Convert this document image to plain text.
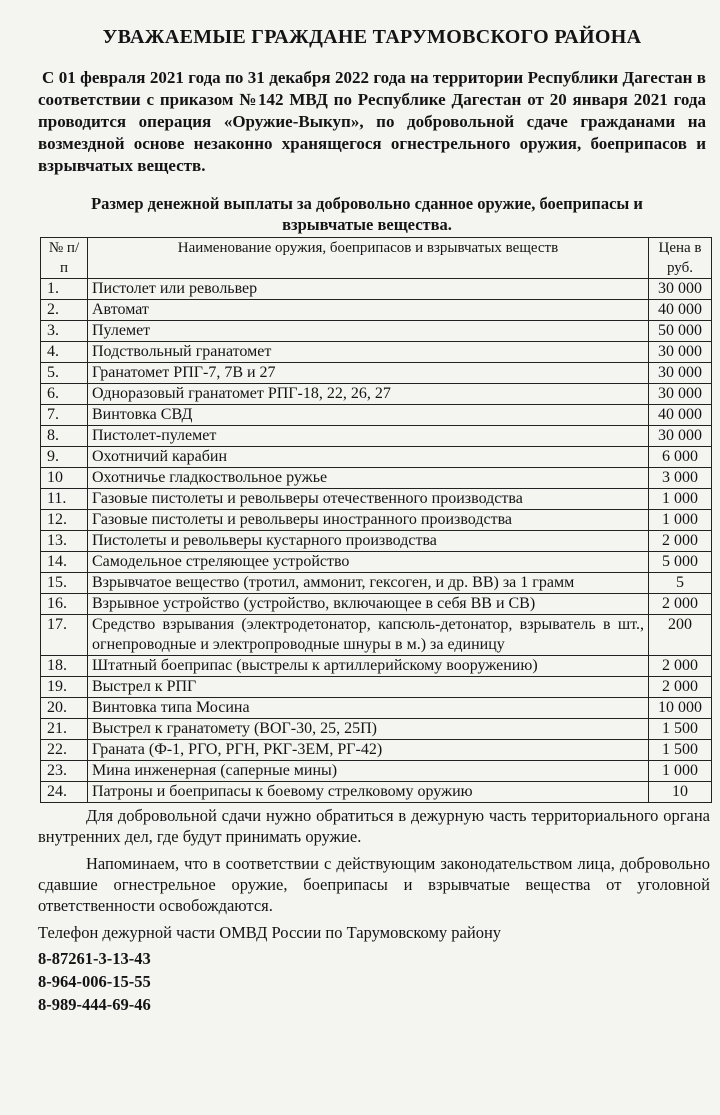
УВАЖАЕМЫЕ ГРАЖДАНЕ ТАРУМОВСКОГО РАЙОНА
С 01 февраля 2021 года по 31 декабря 2022 года на территории Республики Дагестан в соответствии с приказом №142 МВД по Республике Дагестан от 20 января 2021 года проводится операция «Оружие-Выкуп», по добровольной сдаче гражданами на возмездной основе незаконно хранящегося огнестрельного оружия, боеприпасов и взрывчатых веществ.
Размер денежной выплаты за добровольно сданное оружие, боеприпасы и взрывчатые вещества.
№ п/п	Наименование оружия, боеприпасов и взрывчатых веществ	Цена в руб.
1.	Пистолет или револьвер	30 000
2.	Автомат	40 000
3.	Пулемет	50 000
4.	Подствольный гранатомет	30 000
5.	Гранатомет РПГ-7, 7В и 27	30 000
6.	Одноразовый гранатомет РПГ-18, 22, 26, 27	30 000
7.	Винтовка СВД	40 000
8.	Пистолет-пулемет	30 000
9.	Охотничий карабин	6 000
10	Охотничье гладкоствольное ружье	3 000
11.	Газовые пистолеты и револьверы отечественного производства	1 000
12.	Газовые пистолеты и револьверы иностранного производства	1 000
13.	Пистолеты и револьверы кустарного производства	2 000
14.	Самодельное стреляющее устройство	5 000
15.	Взрывчатое вещество (тротил, аммонит, гексоген, и др. ВВ) за 1 грамм	5
16.	Взрывное устройство (устройство, включающее в себя ВВ и СВ)	2 000
17.	Средство взрывания (электродетонатор, капсюль-детонатор, взрыватель в шт., огнепроводные и электропроводные шнуры в м.) за единицу	200
18.	Штатный боеприпас (выстрелы к артиллерийскому вооружению)	2 000
19.	Выстрел к РПГ	2 000
20.	Винтовка типа Мосина	10 000
21.	Выстрел к гранатомету (ВОГ-30, 25, 25П)	1 500
22.	Граната (Ф-1, РГО, РГН, РКГ-3ЕМ, РГ-42)	1 500
23.	Мина инженерная (саперные мины)	1 000
24.	Патроны и боеприпасы к боевому стрелковому оружию	10

Для добровольной сдачи нужно обратиться в дежурную часть территориального органа внутренних дел, где будут принимать оружие.

Напоминаем, что в соответствии с действующим законодательством лица, добровольно сдавшие огнестрельное оружие, боеприпасы и взрывчатые вещества от уголовной ответственности освобождаются.

Телефон дежурной части ОМВД России по Тарумовскому району
8-87261-3-13-43
8-964-006-15-55
8-989-444-69-46
